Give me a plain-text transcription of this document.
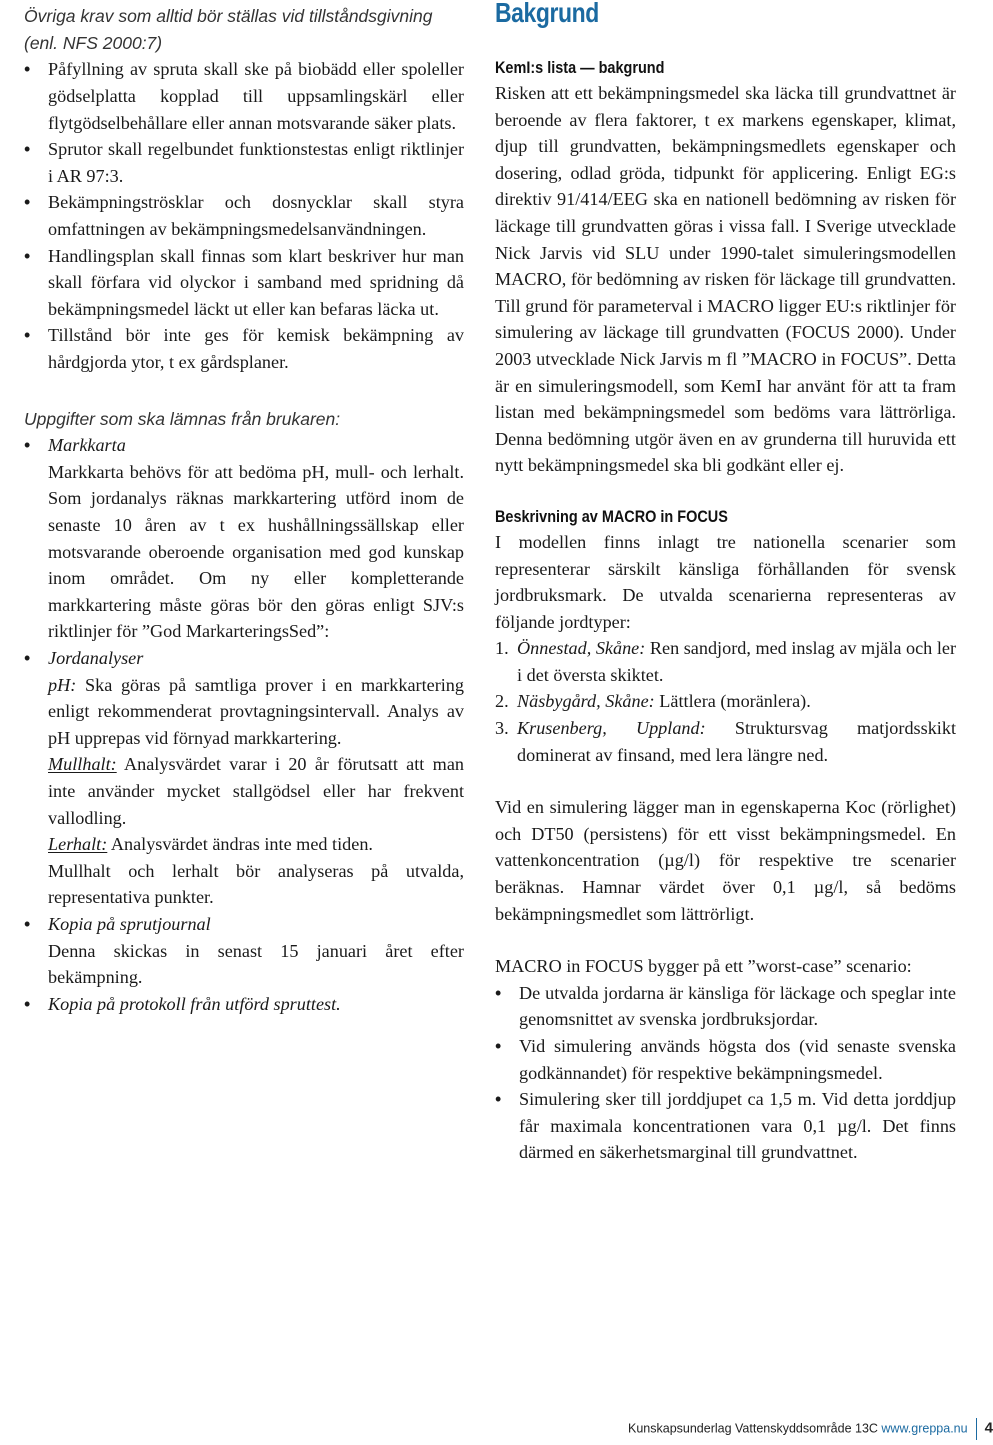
Övriga krav som alltid bör ställas vid tillståndsgivning
(enl. NFS 2000:7)
• Påfyllning av spruta skall ske på biobädd eller spoleller gödselplatta kopplad till uppsamlingskärl eller flytgödselbehållare eller annan motsvarande säker plats.
• Sprutor skall regelbundet funktionstestas enligt riktlinjer i AR 97:3.
• Bekämpningströsklar och dosnycklar skall styra omfattningen av bekämpningsmedelsanvändningen.
• Handlingsplan skall finnas som klart beskriver hur man skall förfara vid olyckor i samband med spridning då bekämpningsmedel läckt ut eller kan befaras läcka ut.
• Tillstånd bör inte ges för kemisk bekämpning av hårdgjorda ytor, t ex gårdsplaner.
Uppgifter som ska lämnas från brukaren:
• Markkarta
Markkarta behövs för att bedöma pH, mull- och lerhalt. Som jordanalys räknas markkartering utförd inom de senaste 10 åren av t ex hushållningssällskap eller motsvarande oberoende organisation med god kunskap inom området. Om ny eller kompletterande markkartering måste göras bör den göras enligt SJV:s riktlinjer för ”God MarkarteringsSed”:
• Jordanalyser
pH: Ska göras på samtliga prover i en markkartering enligt rekommenderat provtagningsintervall. Analys av pH upprepas vid förnyad markkartering.
Mullhalt: Analysvärdet varar i 20 år förutsatt att man inte använder mycket stallgödsel eller har frekvent vallodling.
Lerhalt: Analysvärdet ändras inte med tiden.
Mullhalt och lerhalt bör analyseras på utvalda, representativa punkter.
• Kopia på sprutjournal
Denna skickas in senast 15 januari året efter bekämpning.
• Kopia på protokoll från utförd spruttest.
Bakgrund
KemI:s lista — bakgrund

Risken att ett bekämpningsmedel ska läcka till grundvattnet är beroende av flera faktorer, t ex markens egenskaper, klimat, djup till grundvatten, bekämpningsmedlets egenskaper och dosering, odlad gröda, tidpunkt för applicering. Enligt EG:s direktiv 91/414/EEG ska en nationell bedömning av risken för läckage till grundvatten göras i vissa fall. I Sverige utvecklade Nick Jarvis vid SLU under 1990-talet simuleringsmodellen MACRO, för bedömning av risken för läckage till grundvatten. Till grund för parameterval i MACRO ligger EU:s riktlinjer för simulering av läckage till grundvatten (FOCUS 2000). Under 2003 utvecklade Nick Jarvis m fl ”MACRO in FOCUS”. Detta är en simuleringsmodell, som KemI har använt för att ta fram listan med bekämpningsmedel som bedöms vara lättrörliga. Denna bedömning utgör även en av grunderna till huruvida ett nytt bekämpningsmedel ska bli godkänt eller ej.

Beskrivning av MACRO in FOCUS

I modellen finns inlagt tre nationella scenarier som representerar särskilt känsliga förhållanden för svensk jordbruksmark. De utvalda scenarierna representeras av följande jordtyper:

1. Önnestad, Skåne: Ren sandjord, med inslag av mjäla och ler i det översta skiktet.
2. Näsbygård, Skåne: Lättlera (moränlera).
3. Krusenberg, Uppland: Struktursvag matjordsskikt dominerat av finsand, med lera längre ned.

Vid en simulering lägger man in egenskaperna Koc (rörlighet) och DT50 (persistens) för ett visst bekämpningsmedel. En vattenkoncentration (µg/l) för respektive tre scenarier beräknas. Hamnar värdet över 0,1 µg/l, så bedöms bekämpningsmedlet som lättrörligt.

MACRO in FOCUS bygger på ett ”worst-case” scenario:

• De utvalda jordarna är känsliga för läckage och speglar inte genomsnittet av svenska jordbruksjordar.
• Vid simulering används högsta dos (vid senaste svenska godkännandet) för respektive bekämpningsmedel.
• Simulering sker till jorddjupet ca 1,5 m. Vid detta jorddjup får maximala koncentrationen vara 0,1 µg/l. Det finns därmed en säkerhetsmarginal till grundvattnet.
Kunskapsunderlag Vattenskyddsområde 13C www.greppa.nu 4
